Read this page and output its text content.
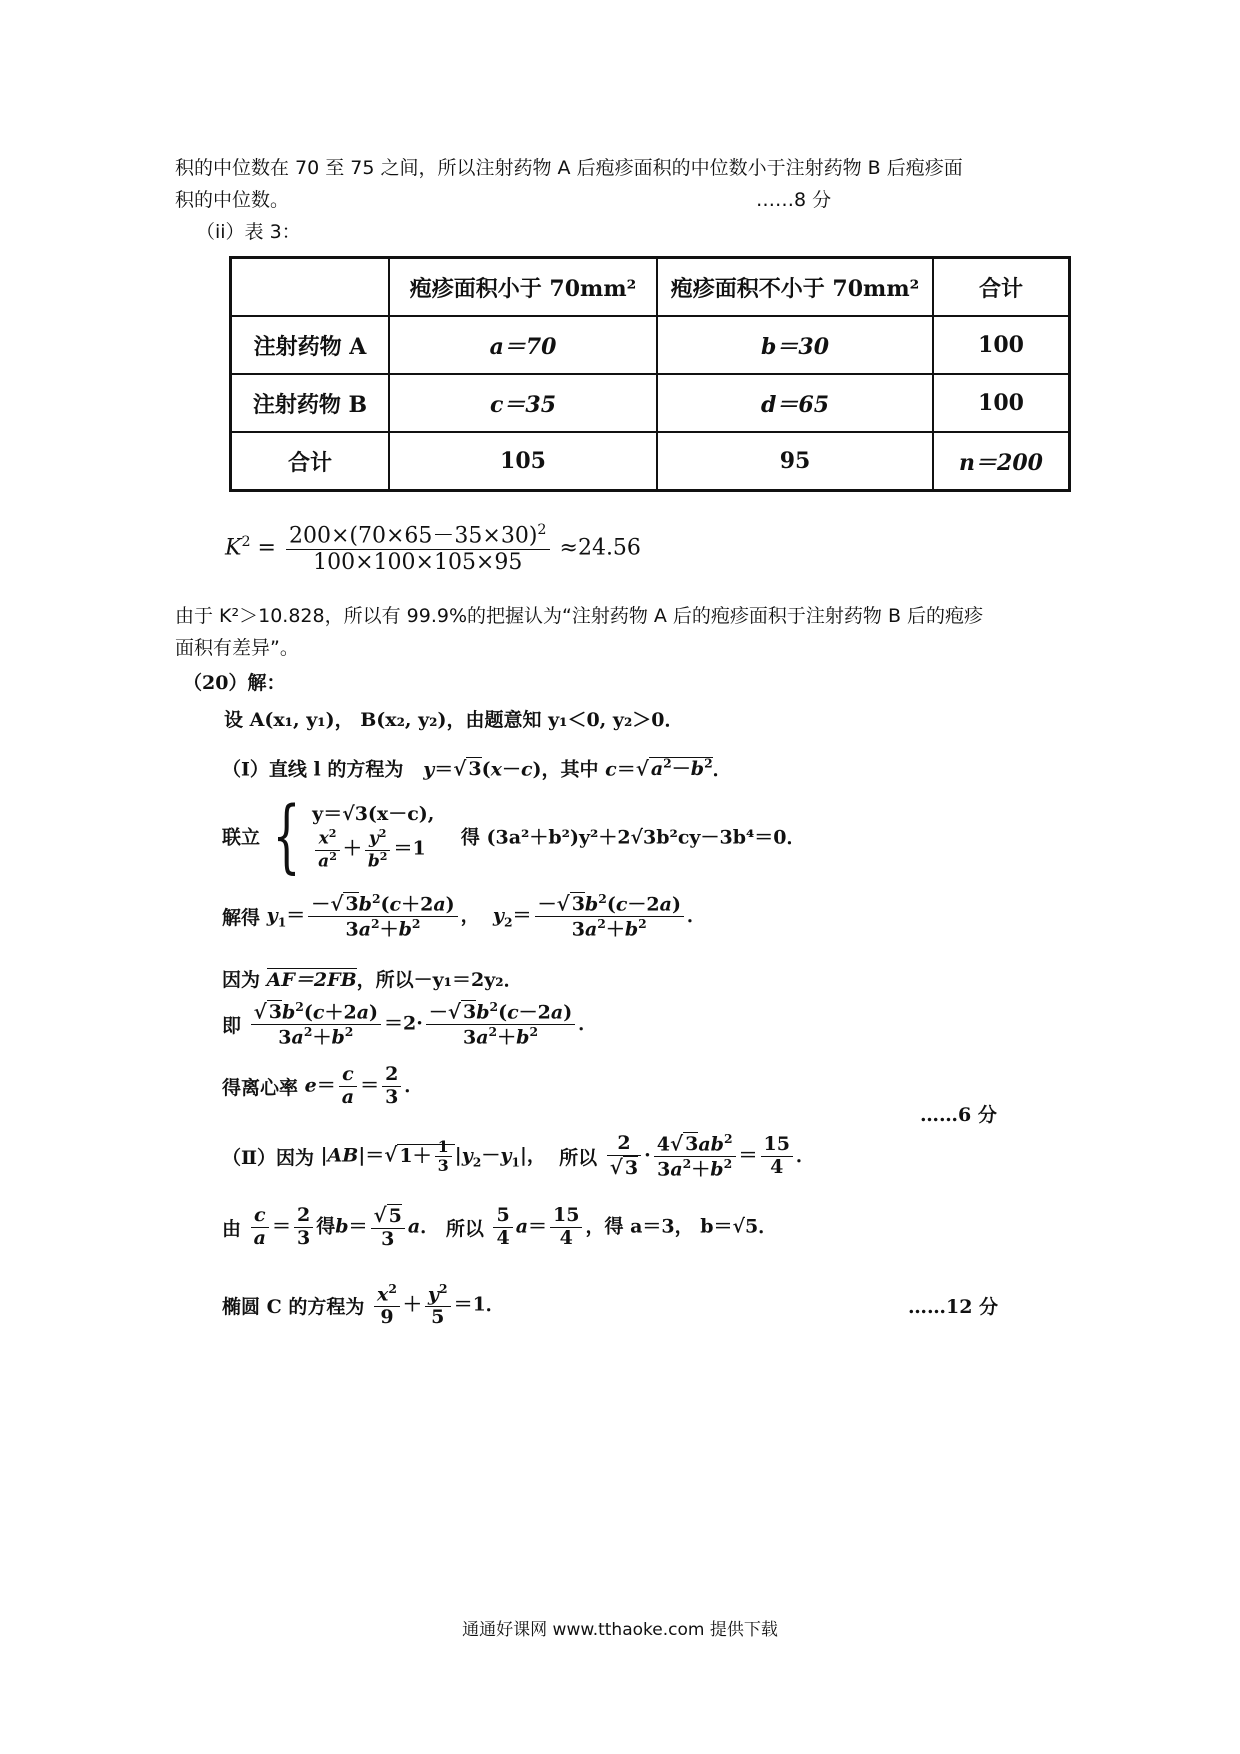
积的中位数在 70 至 75 之间，所以注射药物 A 后疱疹面积的中位数小于注射药物 B 后疱疹面
积的中位数。	……8 分
（ii）表 3：
	疱疹面积小于 70mm²	疱疹面积不小于 70mm²	合计
注射药物 A	a＝70	b＝30	100
注射药物 B	c＝35	d＝65	100
合计	105	95	n＝200
$K^2 = \frac{200\times(70\times 65-35\times 30)^2}{100\times 100\times 105\times 95} \approx 24.56$
由于 K²＞10.828，所以有 99.9%的把握认为“注射药物 A 后的疱疹面积于注射药物 B 后的疱疹
面积有差异”。
（20）解：
设 A(x₁, y₁)， B(x₂, y₂)，由题意知 y₁＜0, y₂＞0．
（Ⅰ）直线 l 的方程为 y＝√ 3(x－c)，其中 c＝√ $a^2-b^2$．
联立 { y＝√3(x－c),
$\frac{x^2}{a^2} + \frac{y^2}{b^2} =1$
得 (3a²＋b²)y²＋2√3b²cy－3b⁴＝0．
解得 $y_1= \frac{-√ 3b^2(c+2a)}{3a^2+b^2}$ ，  $y_2= \frac{-√ 3b^2(c-2a)}{3a^2+b^2}$ ．
因为 AF＝2FB，所以－y₁＝2y₂．
即 $\frac{√ 3b^2(c+2a)}{3a^2+b^2} =2\cdot \frac{-√ 3b^2(c-2a)}{3a^2+b^2}$ ．
得离心率 $e= \frac{c}{a} = \frac{2}{3}$ ．
……6 分
（Ⅱ）因为 |AB|＝√ $1+ \frac{1}{3} |y_2-y_1|$，  所以 $\frac{2}{√ 3} \cdot \frac{4√ 3ab^2}{3a^2+b^2} = \frac{15}{4}$ ．
由 $\frac{c}{a} = \frac{2}{3}$ 得$b= \frac{√ 5}{3}$ a． 所以 $\frac{5}{4} a= \frac{15}{4}$ ，得 a＝3， b＝√5．
椭圆 C 的方程为 $\frac{x^2}{9} + \frac{y^2}{5} =1$．	……12 分
通通好课网 www.tthaoke.com 提供下载
